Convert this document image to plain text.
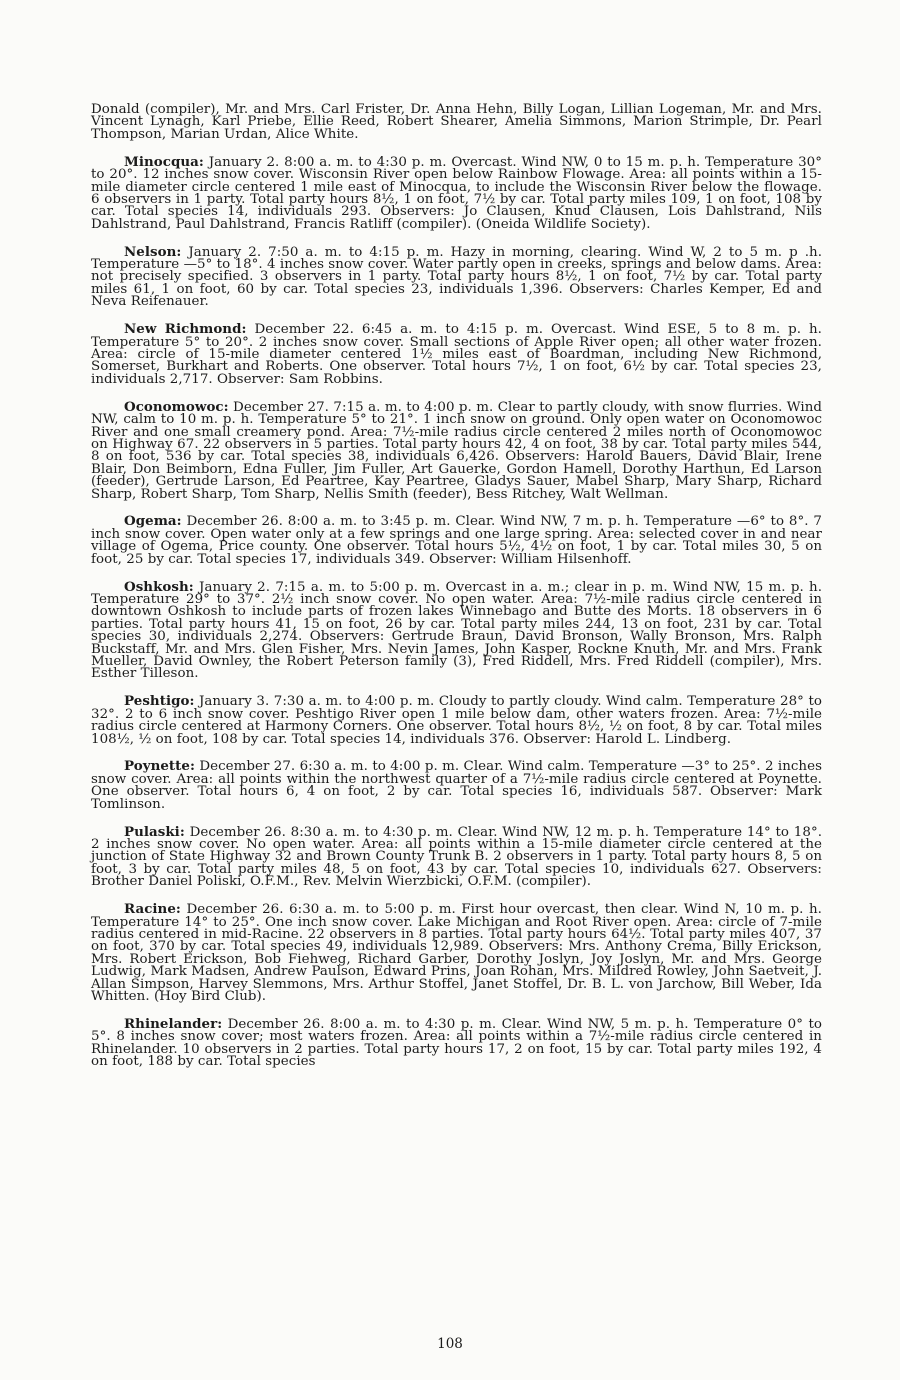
Donald (compiler), Mr. and Mrs. Carl Frister, Dr. Anna Hehn, Billy Logan, Lillian Logeman, Mr. and Mrs. Vincent Lynagh, Karl Priebe, Ellie Reed, Robert Shearer, Amelia Simmons, Marion Strimple, Dr. Pearl Thompson, Marian Urdan, Alice White.

Minocqua: January 2. 8:00 a. m. to 4:30 p. m. Overcast. Wind NW, 0 to 15 m. p. h. Temperature 30° to 20°. 12 inches snow cover. Wisconsin River open below Rainbow Flowage. Area: all points within a 15-mile diameter circle centered 1 mile east of Minocqua, to include the Wisconsin River below the flowage. 6 observers in 1 party. Total party hours 8½, 1 on foot, 7½ by car. Total party miles 109, 1 on foot, 108 by car. Total species 14, individuals 293. Observers: Jo Clausen, Knud Clausen, Lois Dahlstrand, Nils Dahlstrand, Paul Dahlstrand, Francis Ratliff (compiler). (Oneida Wildlife Society).

Nelson: January 2. 7:50 a. m. to 4:15 p. m. Hazy in morning, clearing. Wind W, 2 to 5 m. p .h. Temperature —5° to 18°. 4 inches snow cover. Water partly open in creeks, springs and below dams. Area: not precisely specified. 3 observers in 1 party. Total party hours 8½, 1 on foot, 7½ by car. Total party miles 61, 1 on foot, 60 by car. Total species 23, individuals 1,396. Observers: Charles Kemper, Ed and Neva Reifenauer.

New Richmond: December 22. 6:45 a. m. to 4:15 p. m. Overcast. Wind ESE, 5 to 8 m. p. h. Temperature 5° to 20°. 2 inches snow cover. Small sections of Apple River open; all other water frozen. Area: circle of 15-mile diameter centered 1½ miles east of Boardman, including New Richmond, Somerset, Burkhart and Roberts. One observer. Total hours 7½, 1 on foot, 6½ by car. Total species 23, individuals 2,717. Observer: Sam Robbins.

Oconomowoc: December 27. 7:15 a. m. to 4:00 p. m. Clear to partly cloudy, with snow flurries. Wind NW, calm to 10 m. p. h. Temperature 5° to 21°. 1 inch snow on ground. Only open water on Oconomowoc River and one small creamery pond. Area: 7½-mile radius circle centered 2 miles north of Oconomowoc on Highway 67. 22 observers in 5 parties. Total party hours 42, 4 on foot, 38 by car. Total party miles 544, 8 on foot, 536 by car. Total species 38, individuals 6,426. Observers: Harold Bauers, David Blair, Irene Blair, Don Beimborn, Edna Fuller, Jim Fuller, Art Gauerke, Gordon Hamell, Dorothy Harthun, Ed Larson (feeder), Gertrude Larson, Ed Peartree, Kay Peartree, Gladys Sauer, Mabel Sharp, Mary Sharp, Richard Sharp, Robert Sharp, Tom Sharp, Nellis Smith (feeder), Bess Ritchey, Walt Wellman.

Ogema: December 26. 8:00 a. m. to 3:45 p. m. Clear. Wind NW, 7 m. p. h. Temperature —6° to 8°. 7 inch snow cover. Open water only at a few springs and one large spring. Area: selected cover in and near village of Ogema, Price county. One observer. Total hours 5½, 4½ on foot, 1 by car. Total miles 30, 5 on foot, 25 by car. Total species 17, individuals 349. Observer: William Hilsenhoff.

Oshkosh: January 2. 7:15 a. m. to 5:00 p. m. Overcast in a. m.; clear in p. m. Wind NW, 15 m. p. h. Temperature 29° to 37°. 2½ inch snow cover. No open water. Area: 7½-mile radius circle centered in downtown Oshkosh to include parts of frozen lakes Winnebago and Butte des Morts. 18 observers in 6 parties. Total party hours 41, 15 on foot, 26 by car. Total party miles 244, 13 on foot, 231 by car. Total species 30, individuals 2,274. Observers: Gertrude Braun, David Bronson, Wally Bronson, Mrs. Ralph Buckstaff, Mr. and Mrs. Glen Fisher, Mrs. Nevin James, John Kasper, Rockne Knuth, Mr. and Mrs. Frank Mueller, David Ownley, the Robert Peterson family (3), Fred Riddell, Mrs. Fred Riddell (compiler), Mrs. Esther Tilleson.

Peshtigo: January 3. 7:30 a. m. to 4:00 p. m. Cloudy to partly cloudy. Wind calm. Temperature 28° to 32°. 2 to 6 inch snow cover. Peshtigo River open 1 mile below dam, other waters frozen. Area: 7½-mile radius circle centered at Harmony Corners. One observer. Total hours 8½, ½ on foot, 8 by car. Total miles 108½, ½ on foot, 108 by car. Total species 14, individuals 376. Observer: Harold L. Lindberg.

Poynette: December 27. 6:30 a. m. to 4:00 p. m. Clear. Wind calm. Temperature —3° to 25°. 2 inches snow cover. Area: all points within the northwest quarter of a 7½-mile radius circle centered at Poynette. One observer. Total hours 6, 4 on foot, 2 by car. Total species 16, individuals 587. Observer: Mark Tomlinson.

Pulaski: December 26. 8:30 a. m. to 4:30 p. m. Clear. Wind NW, 12 m. p. h. Temperature 14° to 18°. 2 inches snow cover. No open water. Area: all points within a 15-mile diameter circle centered at the junction of State Highway 32 and Brown County Trunk B. 2 observers in 1 party. Total party hours 8, 5 on foot, 3 by car. Total party miles 48, 5 on foot, 43 by car. Total species 10, individuals 627. Observers: Brother Daniel Poliski, O.F.M., Rev. Melvin Wierzbicki, O.F.M. (compiler).

Racine: December 26. 6:30 a. m. to 5:00 p. m. First hour overcast, then clear. Wind N, 10 m. p. h. Temperature 14° to 25°. One inch snow cover. Lake Michigan and Root River open. Area: circle of 7-mile radius centered in mid-Racine. 22 observers in 8 parties. Total party hours 64½. Total party miles 407, 37 on foot, 370 by car. Total species 49, individuals 12,989. Observers: Mrs. Anthony Crema, Billy Erickson, Mrs. Robert Erickson, Bob Fiehweg, Richard Garber, Dorothy Joslyn, Joy Joslyn, Mr. and Mrs. George Ludwig, Mark Madsen, Andrew Paulson, Edward Prins, Joan Rohan, Mrs. Mildred Rowley, John Saetveit, J. Allan Simpson, Harvey Slemmons, Mrs. Arthur Stoffel, Janet Stoffel, Dr. B. L. von Jarchow, Bill Weber, Ida Whitten. (Hoy Bird Club).

Rhinelander: December 26. 8:00 a. m. to 4:30 p. m. Clear. Wind NW, 5 m. p. h. Temperature 0° to 5°. 8 inches snow cover; most waters frozen. Area: all points within a 7½-mile radius circle centered in Rhinelander. 10 observers in 2 parties. Total party hours 17, 2 on foot, 15 by car. Total party miles 192, 4 on foot, 188 by car. Total species

108
